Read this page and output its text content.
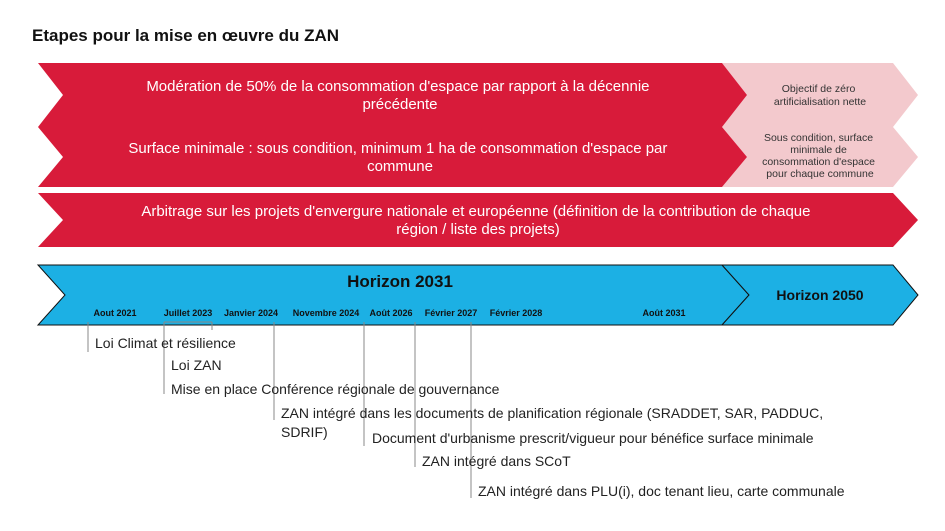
Etapes pour la mise en œuvre du ZAN
Modération de 50% de la consommation d'espace par rapport à la décennie précédente
Objectif de zéro artificialisation nette
Surface minimale : sous condition, minimum 1 ha de consommation d'espace par commune
Sous condition, surface minimale de consommation d'espace pour chaque commune
Arbitrage sur les projets d'envergure nationale et européenne (définition de la contribution de chaque région / liste des projets)
Horizon 2031
Horizon 2050
Aout 2021	Juillet 2023 Janvier 2024 Novembre 2024 Août 2026 Février 2027 Février 2028	Août 2031
Loi Climat et résilience
Loi ZAN
Mise en place Conférence régionale de gouvernance
ZAN intégré dans les documents de planification régionale (SRADDET, SAR, PADDUC, SDRIF)	Document d'urbanisme prescrit/vigueur pour bénéfice surface minimale
ZAN intégré dans SCoT
ZAN intégré dans PLU(i), doc tenant lieu, carte communale
